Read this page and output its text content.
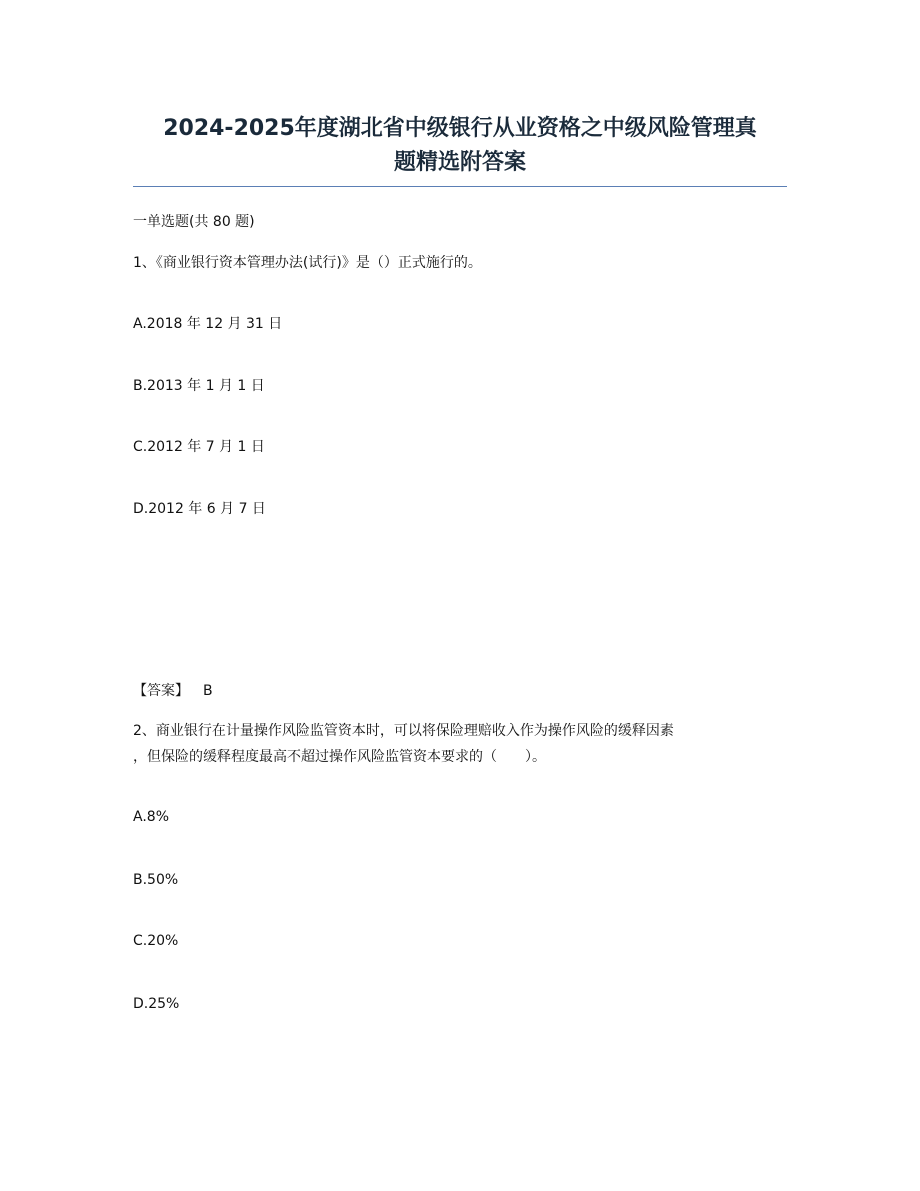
2024-2025年度湖北省中级银行从业资格之中级风险管理真
题精选附答案
一单选题(共 80 题)
1、《商业银行资本管理办法(试行)》是（）正式施行的。
A.2018 年 12 月 31 日
B.2013 年 1 月 1 日
C.2012 年 7 月 1 日
D.2012 年 6 月 7 日
【答案】 B
2、商业银行在计量操作风险监管资本时，可以将保险理赔收入作为操作风险的缓释因素
，但保险的缓释程度最高不超过操作风险监管资本要求的（　　）。
A.8%
B.50%
C.20%
D.25%
